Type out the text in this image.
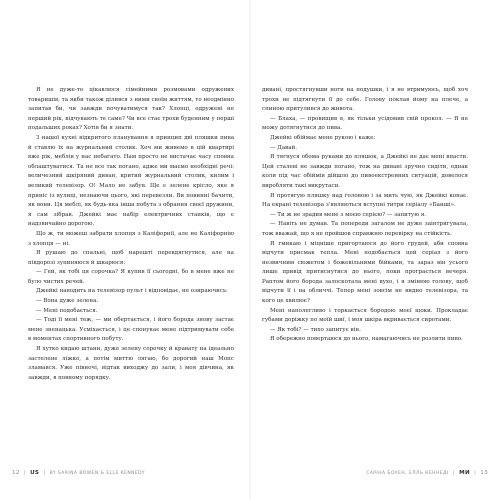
Я не дуже-то цікавлюся сімейними розмовами одружених товаришів, та якби також ділився з ними своїм життям, то неодмінно запитав би, чи завжди почуватимуся так? Хлопці, одружені не перший рік, відчувають те саме? Чи все стає трохи буденним у перші подальших роках? Хотів би я знати.

З нашої кухні відкритого планування я принцип дві пляшки пива й ставлю їх на журнальний столик. Хоч ми живемо в цій квартирі вже рік, меблів у нас небагато. Нам просто не вистачає часу сповна облаштуватися. Та не все так погано, адже ми маємо необхідні речі: величезний шкіряний диван, критий журнальний столик, килим і великий телевізор. О! Мало не забув. Ще є зелене крісло, яке я приніс із вулиці, незнаючи цього, які перевезли. Ви повинні бачити, як вони. Ця меблі, як будь-яка інша побута з обрання своєї дружини, я сам зібрав. Джейкі має набір електричних станків, що є надзвичайно дорогою.

Що ж, ти можеш забрати хлопця з Каліфорнії, але не Каліфорнію з хлопця — ні.

Я рушаю до спальні, щоб нарешті перевдягнутися, але на півдорозі зупиняюся й шкарюся:

— Гей, як тобі ця сорочка? Я купив її сьогодні, бо в мене вже не було чистих речей.

Джейкі наводить на телевізор пульт і відповідає, не озираючись:

— Вона дуже зелена.

— Мені подобається.

— Тоді її мені теж, — ми обертається, і його борода знову застає мене зненацька. Усміхається, і це спонукає мене підтримувати себе в моментах спортивного побуту.

Я хутко кидаю штани, дуже зелену сорочку й кравату на ідеально застелене ліжко, а потім миттю лягаю, бо дорогий наш Мопс зламався. Уже півночі, відтак виходжу до зали, і моя дівчина, як завжди, в повному порядку.

дивані, простягнувши ноги на подушки, і я не втримуюсь, щоб хоч трохи не підтягнути її до себе. Голову поклав йому на плече, а спиною притулився до живота.

— Блаха, — провищив я, як тільки усідомив свій прокол. — Я не можу дотягнутися до пива.

Джейкі обіймає мене рукою і каже:

— Давай.

Я тягнуся обома руками до пляшок, а Джейкі не дає мені впасти. Цей сталеві не завжди погано, тож на дивані зручно сидіти, однак коли під час обіймів дійшло до пивоекстренних ситуацій, довелося виробляти такі викрутаси.

Я протягую пляшку над головою і за мить чую, як Джейкі конає. На екрані телевізора з'являються вступні титри серіалу «Банші».

— Ти ж не зрадив мене з моєю серією? — запитую я.

— Навіть не думав. Та попереди загалом не дуже заінтригувала, тож вважай, що я не пройшов справжню перевірку на стійкість.

Я гмикаю і міцніше пригортаюся до його грудей, аби сповна відчути присмак тепла. Мені подобається цей серіал з його незвичним сюжетом і божевільними бійками, та зараз він усього лише привід притиснутися до нього, поки програється вечеря. Раптом його борода залоскотала мені вухо, і я змінюю голову, щоб відчути її і на обличчі. Тепер мені зовсім не видно телевізора, та кого це хвилює?

Мені наполегливо і торкається бородою моєї щоки. Прокладає губами доріжку по моїй шиї, і моя шкіра вкривається сиротами.

— Як тобі? — тихо запитує він.

Я обережно повертаюся до нього, намагаючись не розлити пиво.

12 | US | BY SARINA BOWEN & ELLE KENNEDY	САРІНА БОУЕН, ЕЛЛЬ КЕННЕДІ | МИ | 13
